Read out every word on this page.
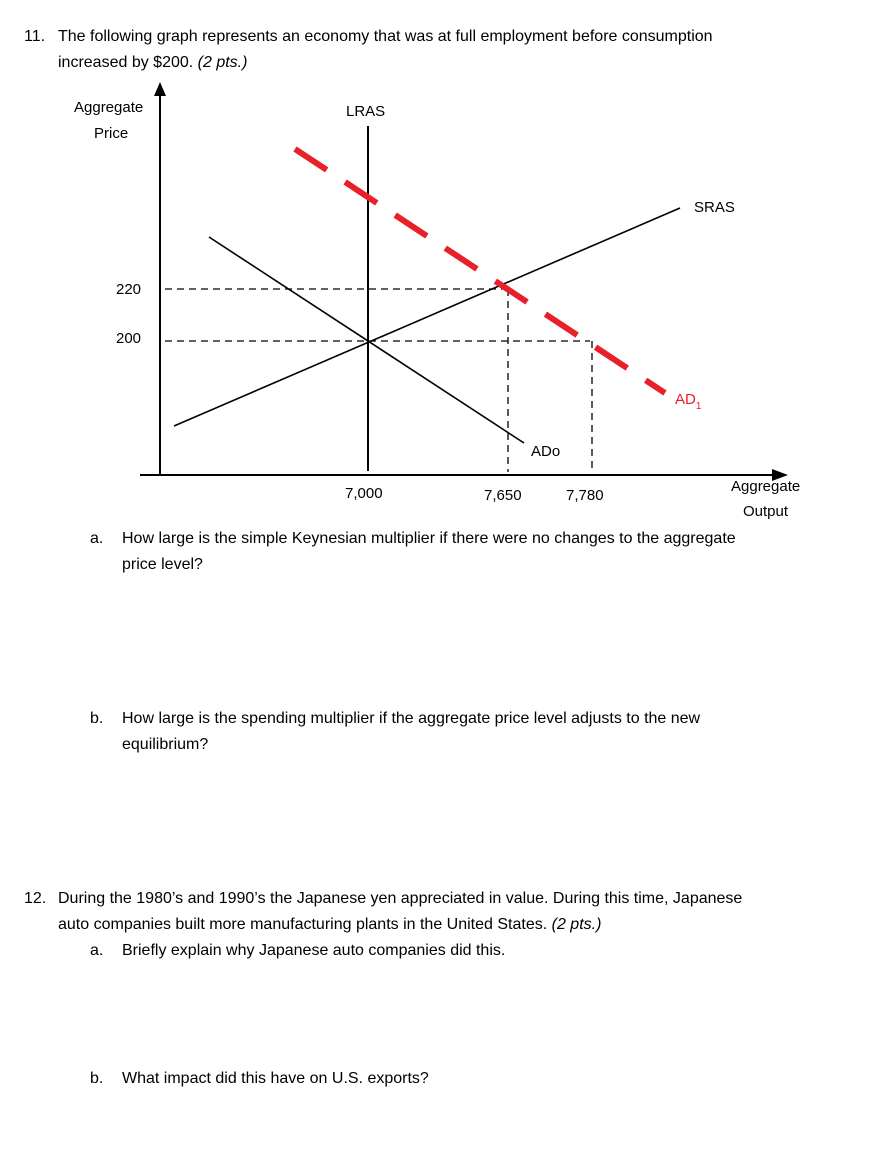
11. The following graph represents an economy that was at full employment before consumption
increased by $200. (2 pts.)
Aggregate
Price
LRAS
SRAS
ADo
$AD_1$
220
200
7,000	7,650	7,780
Aggregate
Output
a. How large is the simple Keynesian multiplier if there were no changes to the aggregate
price level?
b. How large is the spending multiplier if the aggregate price level adjusts to the new
equilibrium?
12. During the 1980’s and 1990’s the Japanese yen appreciated in value. During this time, Japanese
auto companies built more manufacturing plants in the United States. (2 pts.)
a. Briefly explain why Japanese auto companies did this.
b. What impact did this have on U.S. exports?
